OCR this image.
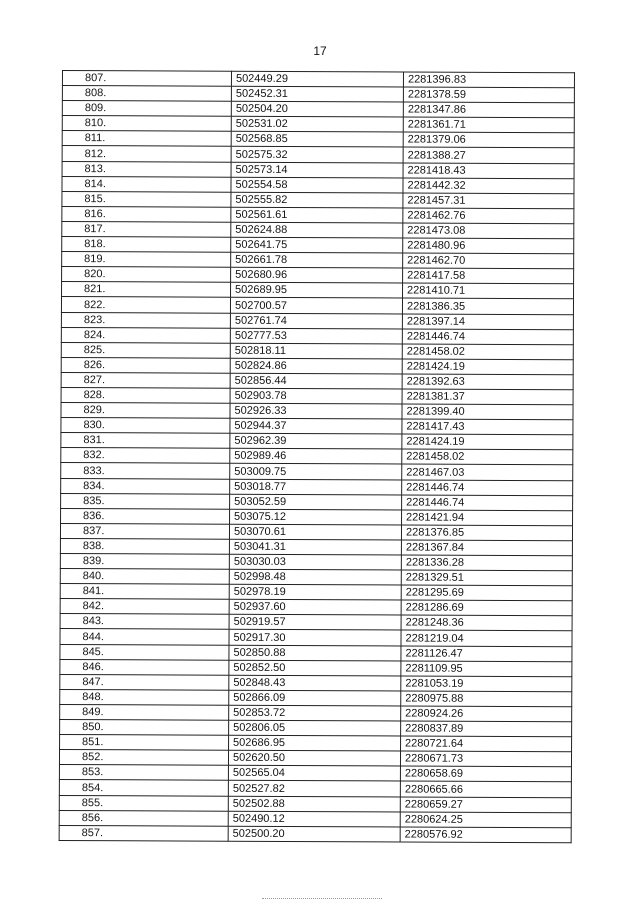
17
807.	502449.29	2281396.83
808.	502452.31	2281378.59
809.	502504.20	2281347.86
810.	502531.02	2281361.71
811.	502568.85	2281379.06
812.	502575.32	2281388.27
813.	502573.14	2281418.43
814.	502554.58	2281442.32
815.	502555.82	2281457.31
816.	502561.61	2281462.76
817.	502624.88	2281473.08
818.	502641.75	2281480.96
819.	502661.78	2281462.70
820.	502680.96	2281417.58
821.	502689.95	2281410.71
822.	502700.57	2281386.35
823.	502761.74	2281397.14
824.	502777.53	2281446.74
825.	502818.11	2281458.02
826.	502824.86	2281424.19
827.	502856.44	2281392.63
828.	502903.78	2281381.37
829.	502926.33	2281399.40
830.	502944.37	2281417.43
831.	502962.39	2281424.19
832.	502989.46	2281458.02
833.	503009.75	2281467.03
834.	503018.77	2281446.74
835.	503052.59	2281446.74
836.	503075.12	2281421.94
837.	503070.61	2281376.85
838.	503041.31	2281367.84
839.	503030.03	2281336.28
840.	502998.48	2281329.51
841.	502978.19	2281295.69
842.	502937.60	2281286.69
843.	502919.57	2281248.36
844.	502917.30	2281219.04
845.	502850.88	2281126.47
846.	502852.50	2281109.95
847.	502848.43	2281053.19
848.	502866.09	2280975.88
849.	502853.72	2280924.26
850.	502806.05	2280837.89
851.	502686.95	2280721.64
852.	502620.50	2280671.73
853.	502565.04	2280658.69
854.	502527.82	2280665.66
855.	502502.88	2280659.27
856.	502490.12	2280624.25
857.	502500.20	2280576.92
